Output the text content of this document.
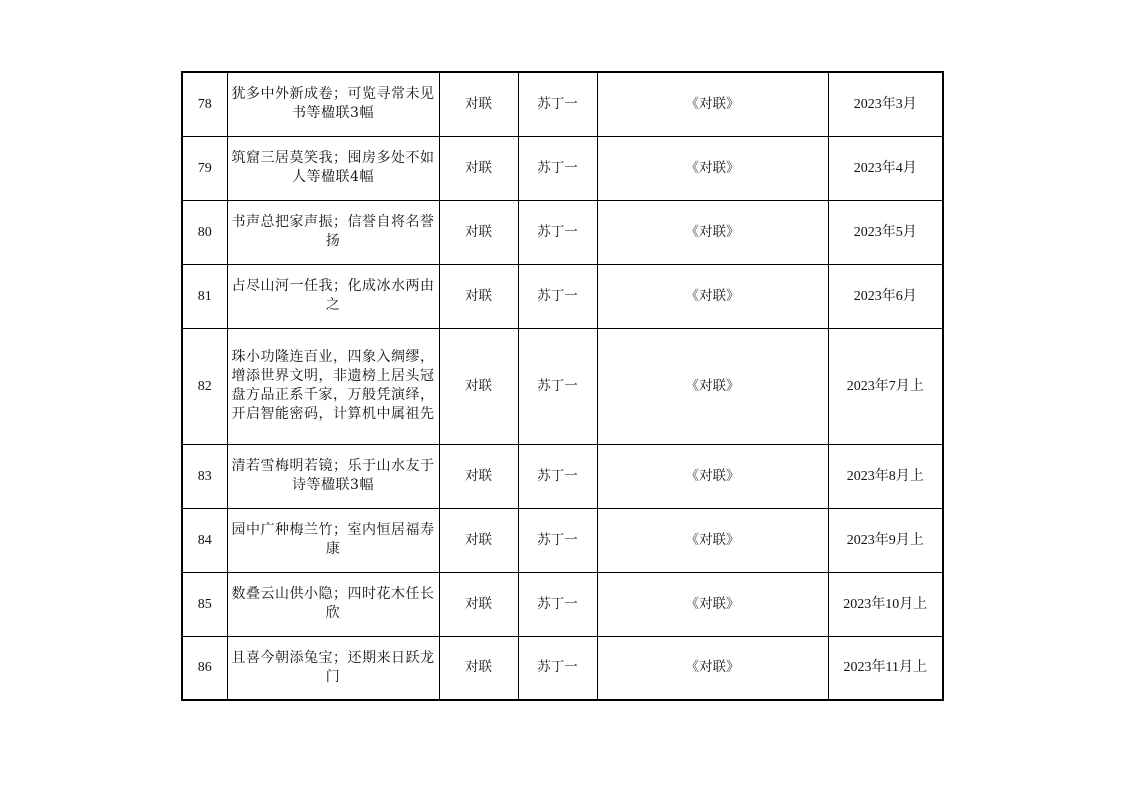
78	犹多中外新成卷；可览寻常未见书等楹联3幅	对联	苏丁一	《对联》	2023年3月
79	筑窟三居莫笑我；囤房多处不如人等楹联4幅	对联	苏丁一	《对联》	2023年4月
80	书声总把家声振；信誉自将名誉扬	对联	苏丁一	《对联》	2023年5月
81	占尽山河一任我；化成冰水两由之	对联	苏丁一	《对联》	2023年6月
82	珠小功隆连百业，四象入绸缪，增添世界文明，非遗榜上居头冠盘方品正系千家，万般凭演绎，开启智能密码，计算机中属祖先	对联	苏丁一	《对联》	2023年7月上
83	清若雪梅明若镜；乐于山水友于诗等楹联3幅	对联	苏丁一	《对联》	2023年8月上
84	园中广种梅兰竹；室内恒居福寿康	对联	苏丁一	《对联》	2023年9月上
85	数叠云山供小隐；四时花木任长欣	对联	苏丁一	《对联》	2023年10月上
86	且喜今朝添兔宝；还期来日跃龙门	对联	苏丁一	《对联》	2023年11月上
